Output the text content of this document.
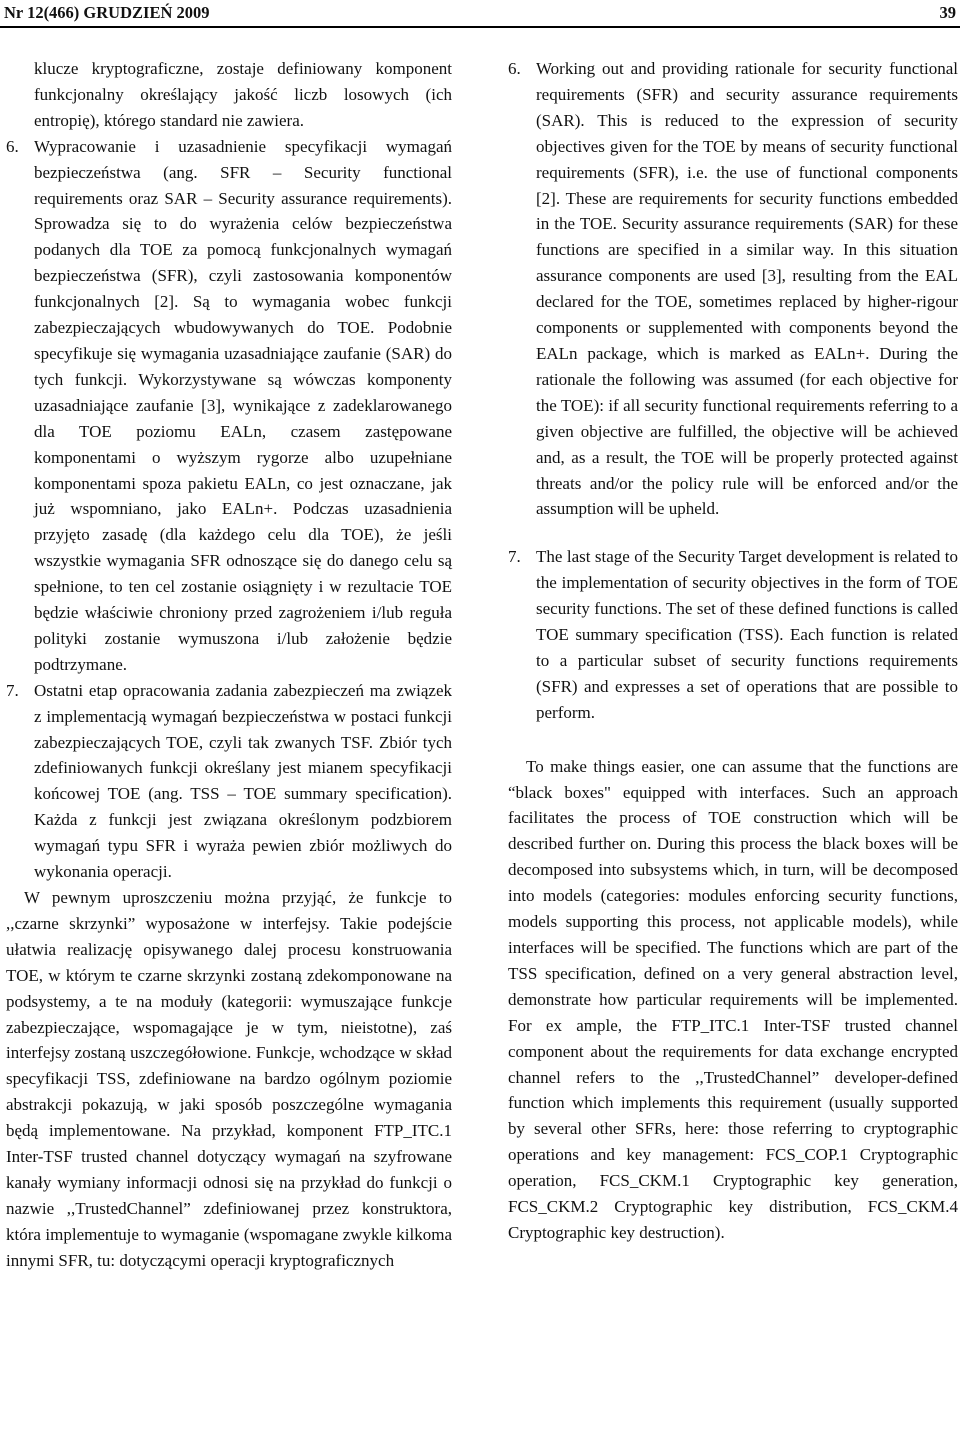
Nr 12(466) GRUDZIEŃ 2009	39

klucze kryptograficzne, zostaje definiowany komponent funkcjonalny określający jakość liczb losowych (ich entropię), którego standard nie zawiera.

6. Wypracowanie i uzasadnienie specyfikacji wymagań bezpieczeństwa (ang. SFR – Security functional requirements oraz SAR – Security assurance requirements). Sprowadza się to do wyrażenia celów bezpieczeństwa podanych dla TOE za pomocą funkcjonalnych wymagań bezpieczeństwa (SFR), czyli zastosowania komponentów funkcjonalnych [2]. Są to wymagania wobec funkcji zabezpieczających wbudowywanych do TOE. Podobnie specyfikuje się wymagania uzasadniające zaufanie (SAR) do tych funkcji. Wykorzystywane są wówczas komponenty uzasadniające zaufanie [3], wynikające z zadeklarowanego dla TOE poziomu EALn, czasem zastępowane komponentami o wyższym rygorze albo uzupełniane komponentami spoza pakietu EALn, co jest oznaczane, jak już wspomniano, jako EALn+. Podczas uzasadnienia przyjęto zasadę (dla każdego celu dla TOE), że jeśli wszystkie wymagania SFR odnoszące się do danego celu są spełnione, to ten cel zostanie osiągnięty i w rezultacie TOE będzie właściwie chroniony przed zagrożeniem i/lub reguła polityki zostanie wymuszona i/lub założenie będzie podtrzymane.
7. Ostatni etap opracowania zadania zabezpieczeń ma związek z implementacją wymagań bezpieczeństwa w postaci funkcji zabezpieczających TOE, czyli tak zwanych TSF. Zbiór tych zdefiniowanych funkcji określany jest mianem specyfikacji końcowej TOE (ang. TSS – TOE summary specification). Każda z funkcji jest związana określonym podzbiorem wymagań typu SFR i wyraża pewien zbiór możliwych do wykonania operacji.

W pewnym uproszczeniu można przyjąć, że funkcje to ,,czarne skrzynki” wyposażone w interfejsy. Takie podejście ułatwia realizację opisywanego dalej procesu konstruowania TOE, w którym te czarne skrzynki zostaną zdekomponowane na podsystemy, a te na moduły (kategorii: wymuszające funkcje zabezpieczające, wspomagające je w tym, nieistotne), zaś interfejsy zostaną uszczegółowione. Funkcje, wchodzące w skład specyfikacji TSS, zdefiniowane na bardzo ogólnym poziomie abstrakcji pokazują, w jaki sposób poszczególne wymagania będą implementowane. Na przykład, komponent FTP_ITC.1 Inter-TSF trusted channel dotyczący wymagań na szyfrowane kanały wymiany informacji odnosi się na przykład do funkcji o nazwie ,,TrustedChannel” zdefiniowanej przez konstruktora, która implementuje to wymaganie (wspomagane zwykle kilkoma innymi SFR, tu: dotyczącymi operacji kryptograficznych

6. Working out and providing rationale for security functional requirements (SFR) and security assurance requirements (SAR). This is reduced to the expression of security objectives given for the TOE by means of security functional requirements (SFR), i.e. the use of functional components [2]. These are requirements for security functions embedded in the TOE. Security assurance requirements (SAR) for these functions are specified in a similar way. In this situation assurance components are used [3], resulting from the EAL declared for the TOE, sometimes replaced by higher-rigour components or supplemented with components beyond the EALn package, which is marked as EALn+. During the rationale the following was assumed (for each objective for the TOE): if all security functional requirements referring to a given objective are fulfilled, the objective will be achieved and, as a result, the TOE will be properly protected against threats and/or the policy rule will be enforced and/or the assumption will be upheld.
7. The last stage of the Security Target development is related to the implementation of security objectives in the form of TOE security functions. The set of these defined functions is called TOE summary specification (TSS). Each function is related to a particular subset of security functions requirements (SFR) and expresses a set of operations that are possible to perform.

To make things easier, one can assume that the functions are “black boxes" equipped with interfaces. Such an approach facilitates the process of TOE construction which will be described further on. During this process the black boxes will be decomposed into subsystems which, in turn, will be decomposed into models (categories: modules enforcing security functions, models supporting this process, not applicable models), while interfaces will be specified. The functions which are part of the TSS specification, defined on a very general abstraction level, demonstrate how particular requirements will be implemented. For ex ample, the FTP_ITC.1 Inter-TSF trusted channel component about the requirements for data exchange encrypted channel refers to the ,,TrustedChannel” developer-defined function which implements this requirement (usually supported by several other SFRs, here: those referring to cryptographic operations and key management: FCS_COP.1 Cryptographic operation, FCS_CKM.1 Cryptographic key generation, FCS_CKM.2 Cryptographic key distribution, FCS_CKM.4 Cryptographic key destruction).
